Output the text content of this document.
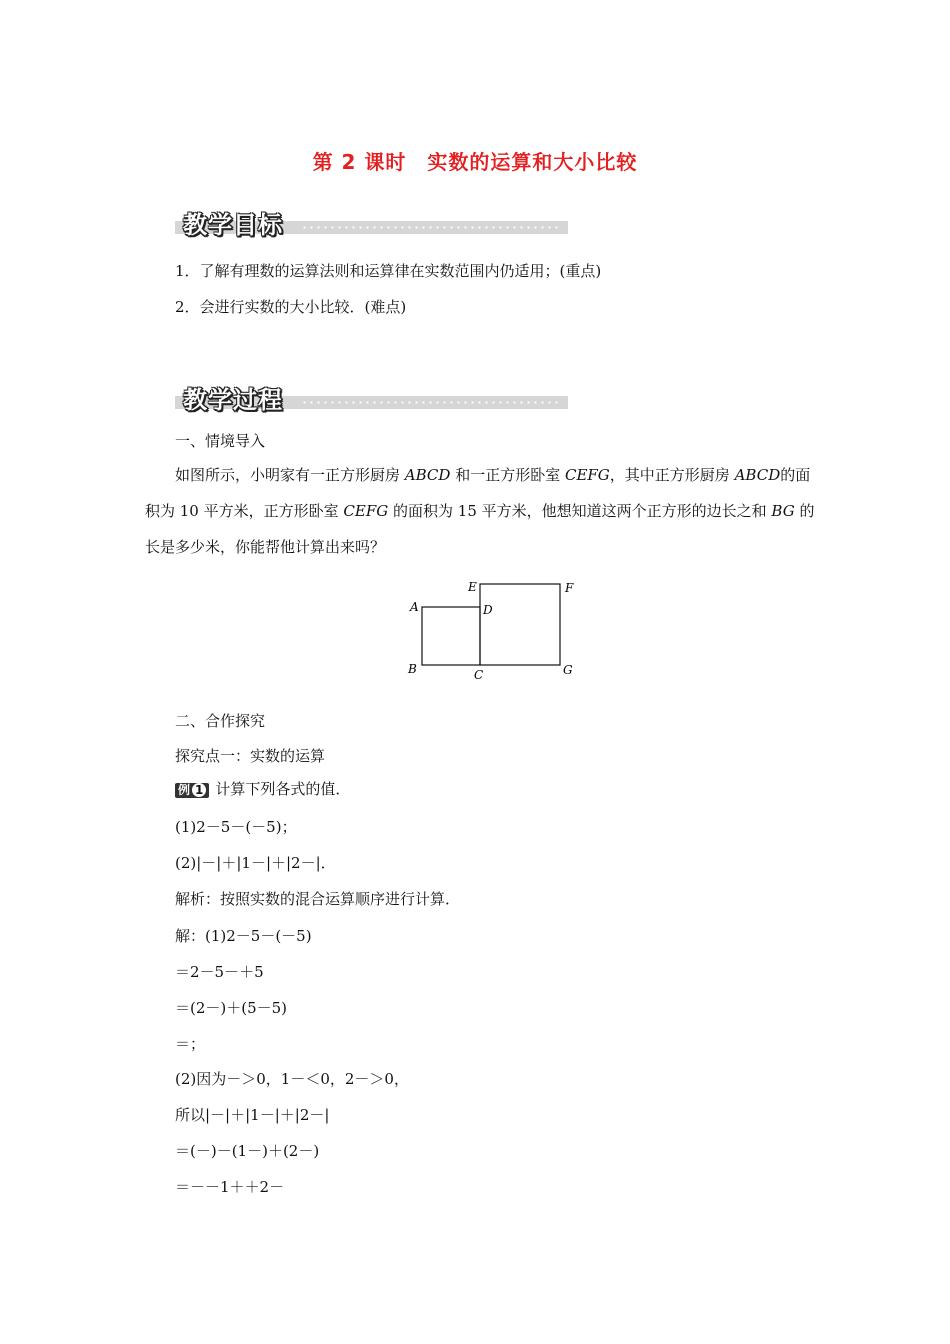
第 2 课时　实数的运算和大小比较
教学目标
1．了解有理数的运算法则和运算律在实数范围内仍适用；(重点)
2．会进行实数的大小比较．(难点)
教学过程
一、情境导入
如图所示，小明家有一正方形厨房 ABCD 和一正方形卧室 CEFG，其中正方形厨房 ABCD的面积为 10 平方米，正方形卧室 CEFG 的面积为 15 平方米，他想知道这两个正方形的边长之和 BG 的长是多少米，你能帮他计算出来吗？
A
B	C
D
E	F
G
二、合作探究
探究点一：实数的运算
例 1 计算下列各式的值．
(1)2－5－(－5)；
(2)|－|＋|1－|＋|2－|．
解析：按照实数的混合运算顺序进行计算．
解：(1)2－5－(－5)
＝2－5－＋5
＝(2－)＋(5－5)
＝；
(2)因为－＞0，1－＜0，2－＞0，
所以|－|＋|1－|＋|2－|
＝(－)－(1－)＋(2－)
＝－－1＋＋2－
